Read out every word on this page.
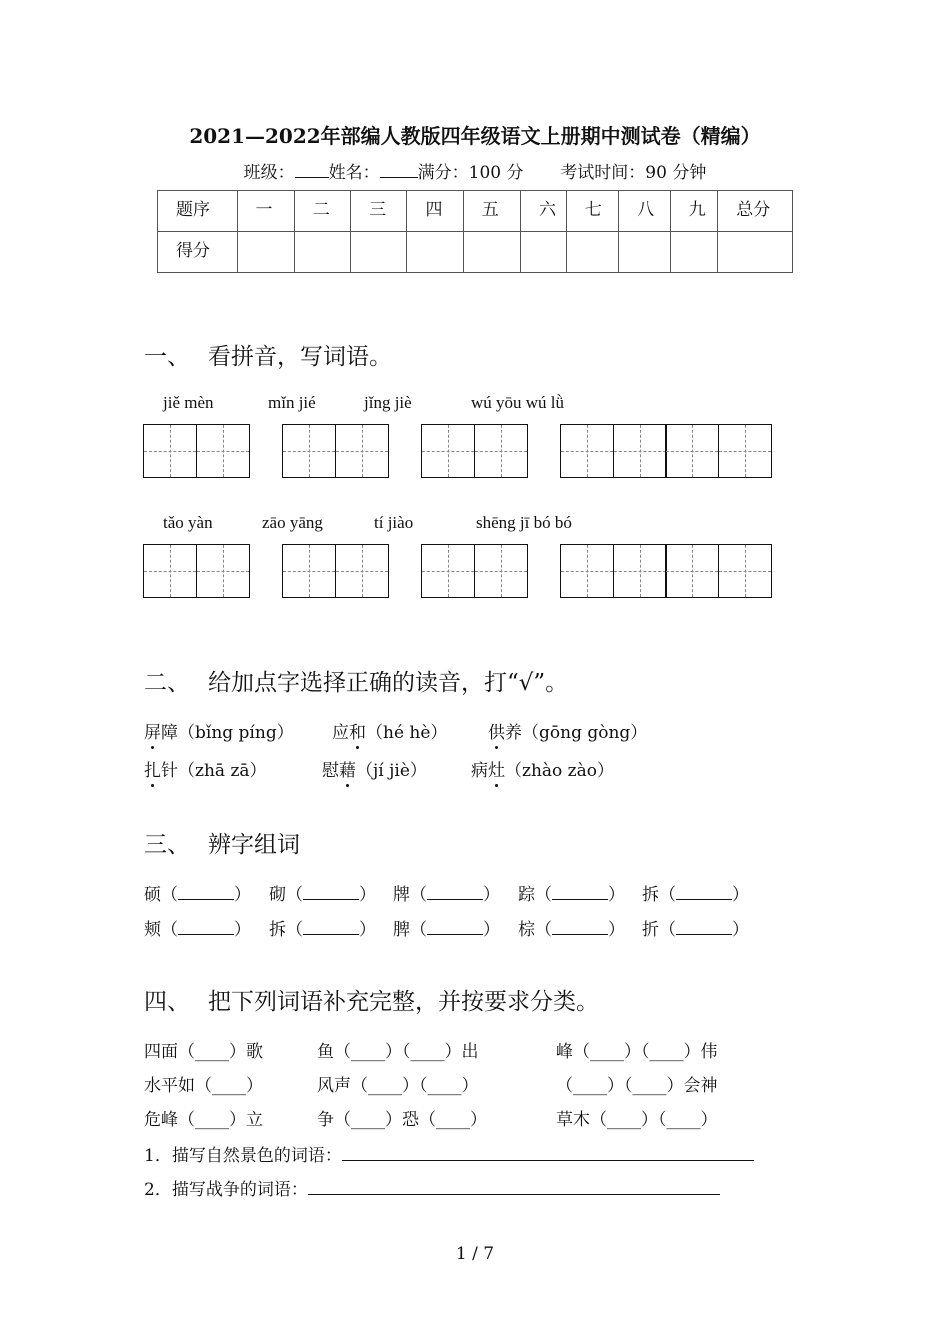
2021—2022年部编人教版四年级语文上册期中测试卷（精编）
班级： 姓名： 满分：100 分 考试时间：90 分钟
题序	一	二	三	四	五	六	七	八	九	总分
得分										
一、 看拼音，写词语。
jiě mèn	mǐn jié	jǐng jiè	wú yōu wú lǜ
tǎo yàn	zāo yāng	tí jiào	shēng jī bó bó
二、 给加点字选择正确的读音，打“√”。
屏障（bǐng píng） 应和（hé hè） 供养（gōng gòng）
扎针（zhā zā）	慰藉（jí jiè）	病灶（zhào zào）
三、 辨字组词
硕（	） 砌（	） 牌（	） 踪（	） 拆（	）
颊（	） 拆（	） 脾（	） 棕（	） 折（	）
四、 把下列词语补充完整，并按要求分类。
四面（____）歌	鱼（____）（____）出	峰（____）（____）伟
水平如（____）	风声（____）（____）	（____）（____）会神
危峰（____）立	争（____）恐（____）	草木（____）（____）
1．描写自然景色的词语：
2．描写战争的词语：
1 / 7
